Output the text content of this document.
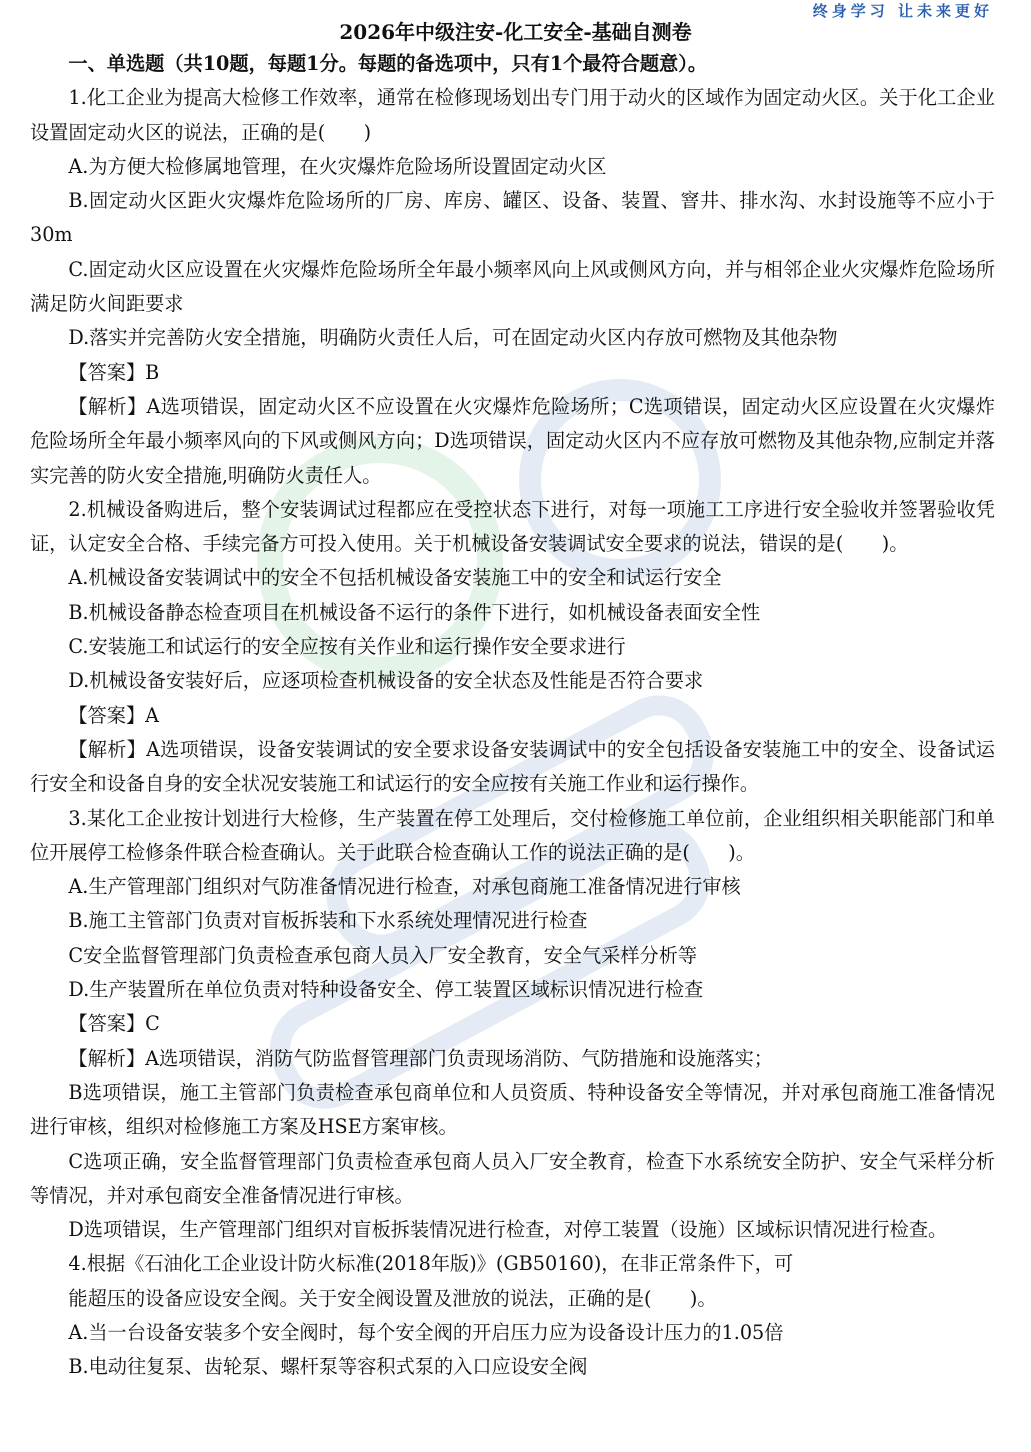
终身学习 让未来更好
2026年中级注安-化工安全-基础自测卷

一、单选题（共10题，每题1分。每题的备选项中，只有1个最符合题意）。

1.化工企业为提高大检修工作效率，通常在检修现场划出专门用于动火的区域作为固定动火区。关于化工企业设置固定动火区的说法，正确的是(　　)

A.为方便大检修属地管理，在火灾爆炸危险场所设置固定动火区

B.固定动火区距火灾爆炸危险场所的厂房、库房、罐区、设备、装置、窨井、排水沟、水封设施等不应小于30m

C.固定动火区应设置在火灾爆炸危险场所全年最小频率风向上风或侧风方向，并与相邻企业火灾爆炸危险场所满足防火间距要求

D.落实并完善防火安全措施，明确防火责任人后，可在固定动火区内存放可燃物及其他杂物

【答案】B

【解析】A选项错误，固定动火区不应设置在火灾爆炸危险场所；C选项错误，固定动火区应设置在火灾爆炸危险场所全年最小频率风向的下风或侧风方向；D选项错误，固定动火区内不应存放可燃物及其他杂物,应制定并落实完善的防火安全措施,明确防火责任人。

2.机械设备购进后，整个安装调试过程都应在受控状态下进行，对每一项施工工序进行安全验收并签署验收凭证，认定安全合格、手续完备方可投入使用。关于机械设备安装调试安全要求的说法，错误的是(　　)。

A.机械设备安装调试中的安全不包括机械设备安装施工中的安全和试运行安全

B.机械设备静态检查项目在机械设备不运行的条件下进行，如机械设备表面安全性

C.安装施工和试运行的安全应按有关作业和运行操作安全要求进行

D.机械设备安装好后，应逐项检查机械设备的安全状态及性能是否符合要求

【答案】A

【解析】A选项错误，设备安装调试的安全要求设备安装调试中的安全包括设备安装施工中的安全、设备试运行安全和设备自身的安全状况安装施工和试运行的安全应按有关施工作业和运行操作。

3.某化工企业按计划进行大检修，生产装置在停工处理后，交付检修施工单位前，企业组织相关职能部门和单位开展停工检修条件联合检查确认。关于此联合检查确认工作的说法正确的是(　　)。

A.生产管理部门组织对气防准备情况进行检查，对承包商施工准备情况进行审核

B.施工主管部门负责对盲板拆装和下水系统处理情况进行检查

C安全监督管理部门负责检查承包商人员入厂安全教育，安全气采样分析等

D.生产装置所在单位负责对特种设备安全、停工装置区域标识情况进行检查

【答案】C

【解析】A选项错误，消防气防监督管理部门负责现场消防、气防措施和设施落实；

B选项错误，施工主管部门负责检查承包商单位和人员资质、特种设备安全等情况，并对承包商施工准备情况进行审核，组织对检修施工方案及HSE方案审核。

C选项正确，安全监督管理部门负责检查承包商人员入厂安全教育，检查下水系统安全防护、安全气采样分析等情况，并对承包商安全准备情况进行审核。

D选项错误，生产管理部门组织对盲板拆装情况进行检查，对停工装置（设施）区域标识情况进行检查。

4.根据《石油化工企业设计防火标准(2018年版)》(GB50160)，在非正常条件下，可

能超压的设备应设安全阀。关于安全阀设置及泄放的说法，正确的是(　　)。

A.当一台设备安装多个安全阀时，每个安全阀的开启压力应为设备设计压力的1.05倍

B.电动往复泵、齿轮泵、螺杆泵等容积式泵的入口应设安全阀
